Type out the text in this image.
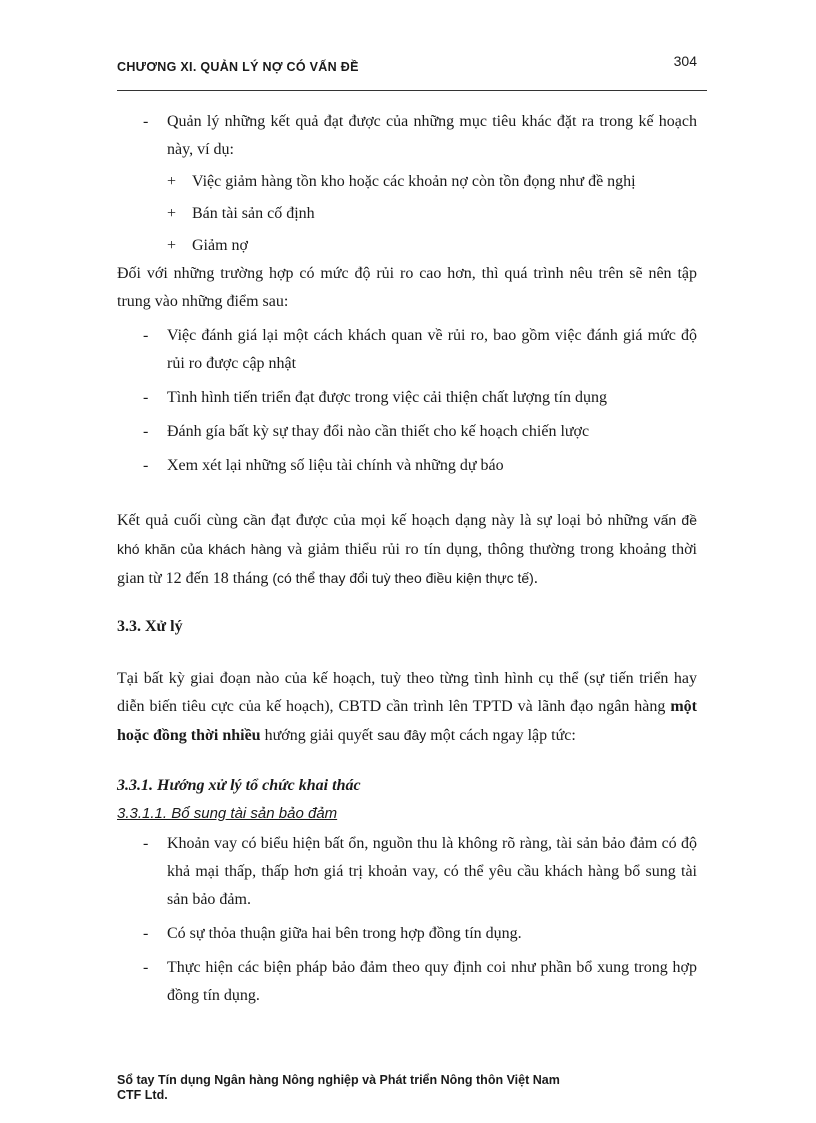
CHƯƠNG XI. QUẢN LÝ NỢ CÓ VẤN ĐỀ	304
- Quản lý những kết quả đạt được của những mục tiêu khác đặt ra trong kế hoạch này, ví dụ:
+ Việc giảm hàng tồn kho hoặc các khoản nợ còn tồn đọng như đề nghị
+ Bán tài sản cố định
+ Giảm nợ

Đối với những trường hợp có mức độ rủi ro cao hơn, thì quá trình nêu trên sẽ nên tập trung vào những điểm sau:

- Việc đánh giá lại một cách khách quan về rủi ro, bao gồm việc đánh giá mức độ rủi ro được cập nhật
- Tình hình tiến triển đạt được trong việc cải thiện chất lượng tín dụng
- Đánh gía bất kỳ sự thay đổi nào cần thiết cho kế hoạch chiến lược
- Xem xét lại những số liệu tài chính và những dự báo

Kết quả cuối cùng cần đạt được của mọi kế hoạch dạng này là sự loại bỏ những vấn đề khó khăn của khách hàng và giảm thiểu rủi ro tín dụng, thông thường trong khoảng thời gian từ 12 đến 18 tháng (có thể thay đổi tuỳ theo điều kiện thực tế).

3.3. Xử lý

Tại bất kỳ giai đoạn nào của kế hoạch, tuỳ theo từng tình hình cụ thể (sự tiến triển hay diễn biến tiêu cực của kế hoạch), CBTD cần trình lên TPTD và lãnh đạo ngân hàng một hoặc đồng thời nhiều hướng giải quyết sau đây một cách ngay lập tức:

3.3.1. Hướng xử lý tổ chức khai thác

3.3.1.1. Bổ sung tài sản bảo đảm

- Khoản vay có biểu hiện bất ổn, nguồn thu là không rõ ràng, tài sản bảo đảm có độ khả mại thấp, thấp hơn giá trị khoản vay, có thể yêu cầu khách hàng bổ sung tài sản bảo đảm.
- Có sự thỏa thuận giữa hai bên trong hợp đồng tín dụng.
- Thực hiện các biện pháp bảo đảm theo quy định coi như phần bổ xung trong hợp đồng tín dụng.
Sổ tay Tín dụng Ngân hàng Nông nghiệp và Phát triển Nông thôn Việt Nam
CTF Ltd.
